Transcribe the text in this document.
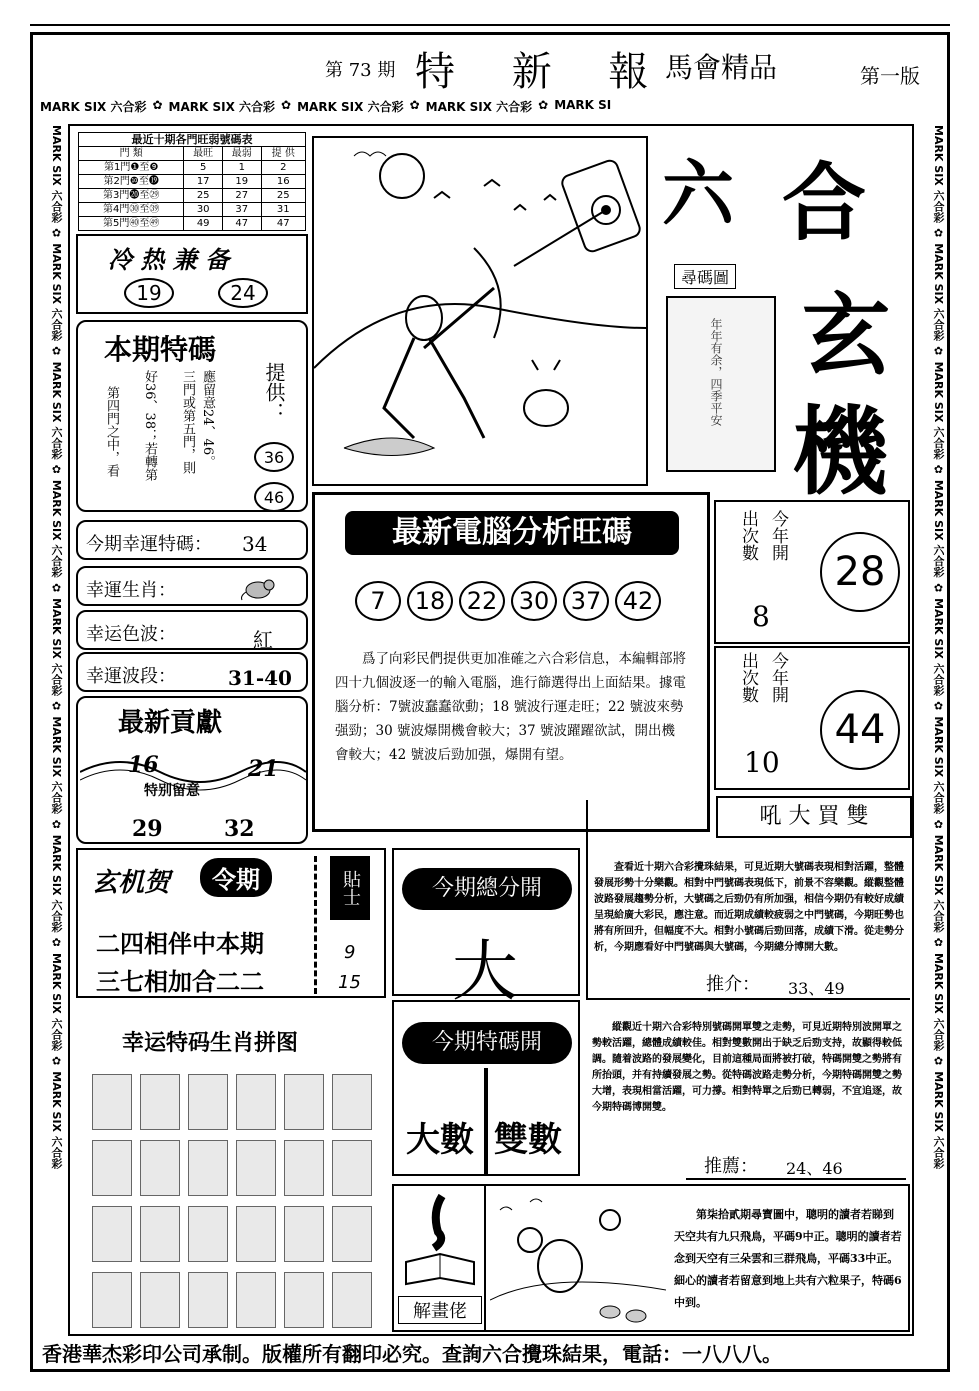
第 73 期 特 新 報
馬會精品	第一版
MARK SIX 六合彩 ✿ MARK SIX 六合彩 ✿ MARK SIX 六合彩 ✿ MARK SIX 六合彩 ✿ MARK SI
MARK SIX 六合彩 ✿ MARK SIX 六合彩 ✿ MARK SIX 六合彩 ✿ MARK SIX 六合彩 ✿ MARK SIX 六合彩 ✿ MARK SIX 六合彩 ✿ MARK SIX 六合彩 ✿ MARK SIX 六合彩 ✿ MARK SIX 六合彩
MARK SIX 六合彩 ✿ MARK SIX 六合彩 ✿ MARK SIX 六合彩 ✿ MARK SIX 六合彩 ✿ MARK SIX 六合彩 ✿ MARK SIX 六合彩 ✿ MARK SIX 六合彩 ✿ MARK SIX 六合彩 ✿ MARK SIX 六合彩
最近十期各門旺弱號碼表
門 類	最旺	最弱	提 供
第1門❶至❾	5	1	2
第2門❿至⓳	17	19	16
第3門⓴至㉙	25	27	25
第4門㉚至㊴	30	37	31
第5門㊵至㊾	49	47	47
冷 热 兼 备
19	24
本期特碼
應留意24、46。
三門或第五門，則
好36、38；若轉第
第四門之中，看	提供：
36
46
今期幸運特碼： 34
幸運生肖：
幸运色波：	紅
幸運波段：	31-40
最新貢獻
16	21
特别留意
29	32
六 合
玄
機
尋碼圖
年年有余，四季平安
最新電腦分析旺碼
7	18 22 30 37 42
爲了向彩民們提供更加准確之六合彩信息，本編輯部將四十九個波逐一的輸入電腦，進行篩選得出上面結果。據電腦分析：7號波蠢蠢欲動；18 號波行運走旺；22 號波來勢强勁；30 號波爆開機會較大；37 號波躍躍欲試，開出機會較大；42 號波后勁加强，爆開有望。
今年開
出次數
8
28
今年開
出次數
10
44
玄机贺	令期
二四相伴中本期
三七相加合二二
貼士
9
15
今期總分開
大
今期特碼開
大數 雙數
吼 大 買 雙
查看近十期六合彩攪珠結果，可見近期大號碼表現相對活躍，整體發展形勢十分樂觀。相對中門號碼表現低下，前景不容樂觀。縱觀整體波路發展趨勢分析，大號碼之后勁仍有所加强，相信今期仍有較好成績呈現給廣大彩民，應注意。而近期成績較疲弱之中門號碼，今期旺勢也將有所回升，但幅度不大。相對小號碼后勁回落，成績下滑。從走勢分析，今期應看好中門號碼與大號碼，今期總分博開大數。
推介： 33、49
縱觀近十期六合彩特別號碼開單雙之走勢，可見近期特別波開單之勢較活躍，總體成績較佳。相對雙數開出于缺乏后勁支持，故顯得較低調。隨着波路的發展變化，目前這種局面將被打破，特碼開雙之勢將有所抬頭，并有持續發展之勢。從特碼波路走勢分析，今期特碼開雙之勢大增，表現相當活躍，可力撐。相對特單之后勁已轉弱，不宜追逐，故今期特碼博開雙。
推薦： 24、46
幸运特码生肖拼图
解畫佬
第柒拾貳期尋寶圖中，聰明的讀者若睇到天空共有九只飛鳥，平碼9中正。聰明的讀者若念到天空有三朵雲和三群飛鳥，平碼33中正。細心的讀者若留意到地上共有六粒果子，特碼6中到。
香港華杰彩印公司承制。版權所有翻印必究。查詢六合攪珠結果，電話：一八八八。
